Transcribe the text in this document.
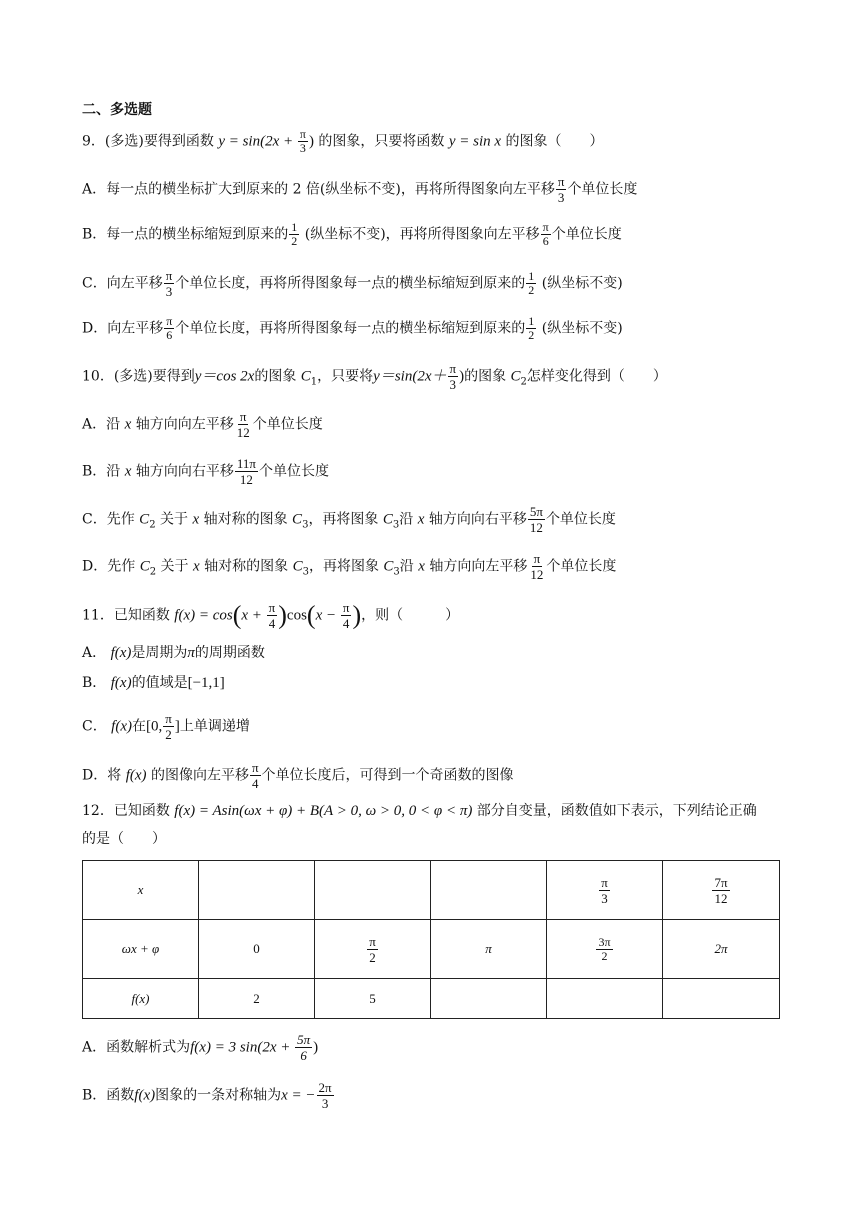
二、多选题
9．(多选)要得到函数 $y = \sin(2x + \frac{\pi}{3}$ ) 的图象，只要将函数 y = sin x 的图象（　　）
A．每一点的横坐标扩大到原来的 2 倍(纵坐标不变)，再将所得图象向左平移 $\frac{\pi}{3}$ 个单位长度
B．每一点的横坐标缩短到原来的 $\frac{1}{2}$ (纵坐标不变)，再将所得图象向左平移 $\frac{\pi}{6}$ 个单位长度
C．向左平移 $\frac{\pi}{3}$ 个单位长度，再将所得图象每一点的横坐标缩短到原来的 $\frac{1}{2}$ (纵坐标不变)
D．向左平移 $\frac{\pi}{6}$ 个单位长度，再将所得图象每一点的横坐标缩短到原来的 $\frac{1}{2}$ (纵坐标不变)
10．(多选)要得到y＝cos 2x的图象 $C_1$，只要将$y=\sin(2x+ \frac{\pi}{3}$ )的图象 $C_2$怎样变化得到（　　）
A．沿 x 轴方向向左平移 $\frac{\pi}{12}$ 个单位长度
B．沿 x 轴方向向右平移 $\frac{11\pi}{12}$ 个单位长度
C．先作 $C_2$ 关于 x 轴对称的图象 $C_3$，再将图象 $C_3$沿 x 轴方向向右平移 $\frac{5\pi}{12}$ 个单位长度
D．先作 $C_2$ 关于 x 轴对称的图象 $C_3$，再将图象 $C_3$沿 x 轴方向向左平移 $\frac{\pi}{12}$ 个单位长度
11．已知函数 $f(x) = \cos(x + \frac{\pi}{4} )\cos(x - \frac{\pi}{4}$ )，则（　　　）
A． f(x)是周期为π的周期函数
B． f(x)的值域是[−1,1]
C． f(x)在[0, $\frac{\pi}{2}$ ]上单调递增
D．将 f(x) 的图像向左平移 $\frac{\pi}{4}$ 个单位长度后，可得到一个奇函数的图像
12．已知函数 f(x) = Asin(ωx + φ) + B(A > 0, ω > 0, 0 < φ < π) 部分自变量，函数值如下表示，下列结论正确
的是（　　）
x				$\frac{\pi}{3}$	$\frac{7\pi}{12}$

ωx + φ	0	$\frac{\pi}{2}$	π	$\frac{3\pi}{2}$	2π
f(x)	2	5			
A．函数解析式为f(x) = 3 $\sin(2x + \frac{5\pi}{6}$ )
B．函数f(x)图象的一条对称轴为x = − $\frac{2\pi}{3}$
